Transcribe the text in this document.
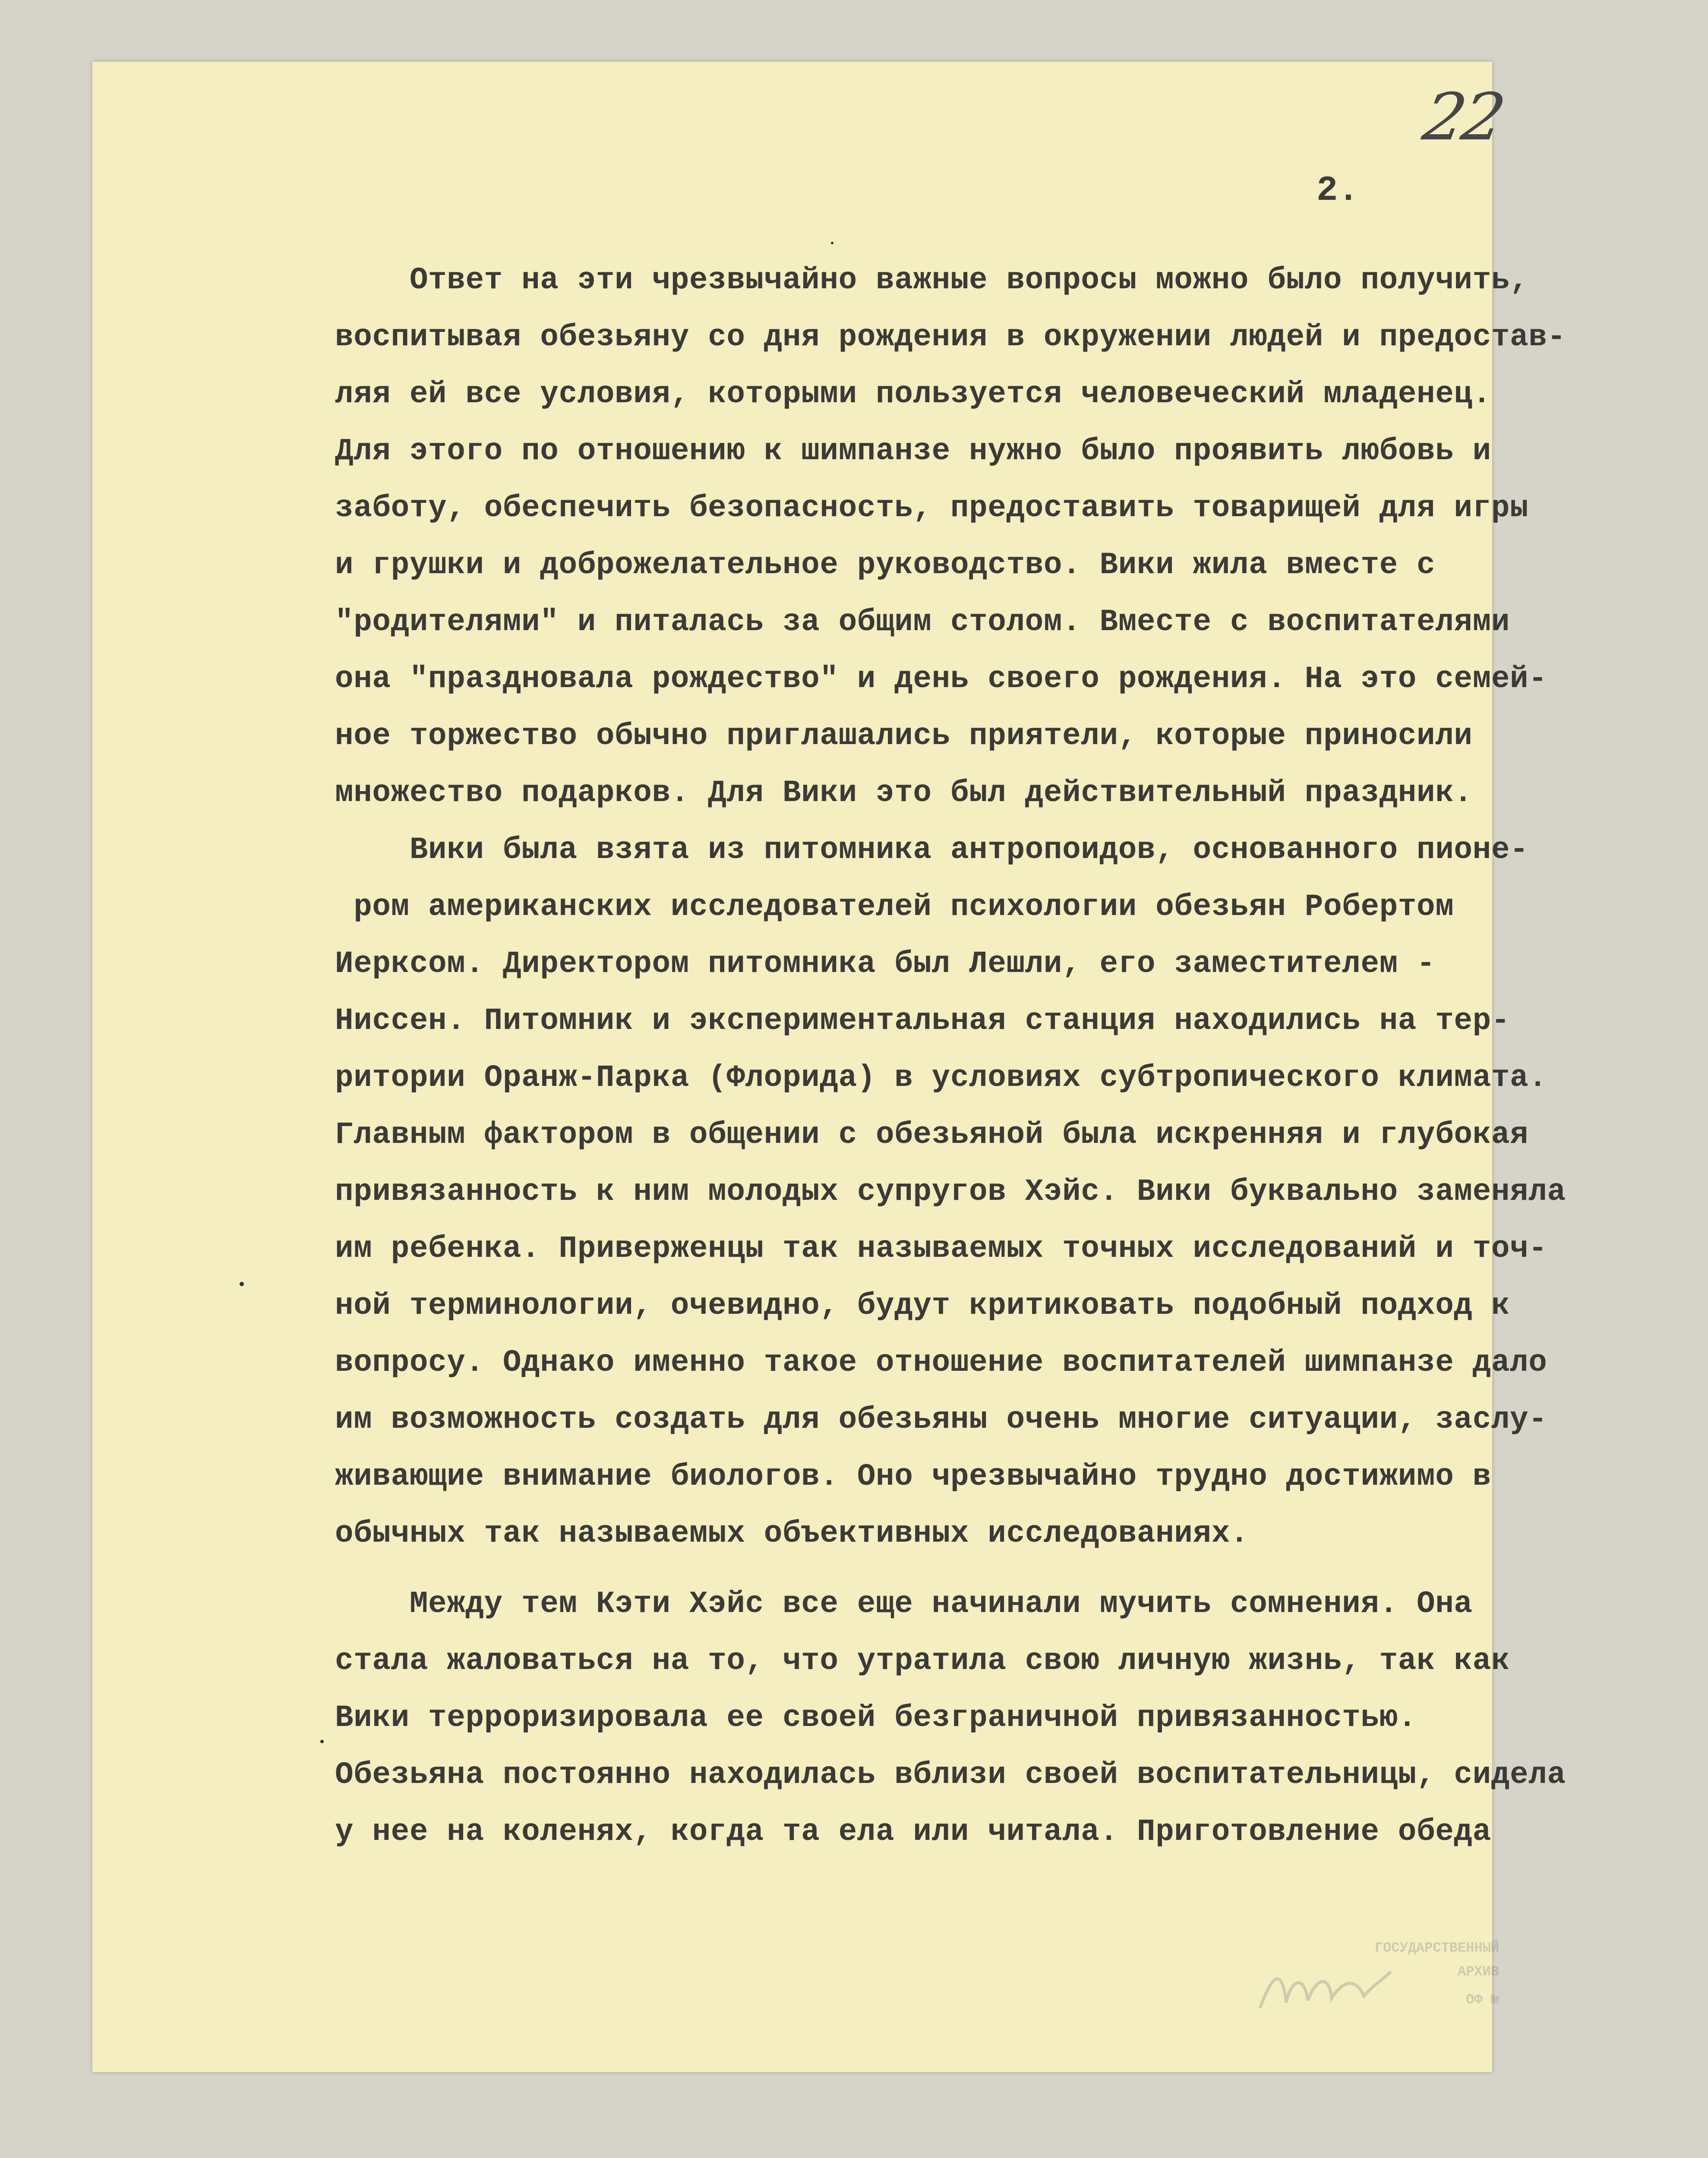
22
2.
Ответ на эти чрезвычайно важные вопросы можно было получить,
воспитывая обезьяну со дня рождения в окружении людей и предостав-
ляя ей все условия, которыми пользуется человеческий младенец.
Для этого по отношению к шимпанзе нужно было проявить любовь и
заботу, обеспечить безопасность, предоставить товарищей для игры
и грушки и доброжелательное руководство. Вики жила вместе с
"родителями" и питалась за общим столом. Вместе с воспитателями
она "праздновала рождество" и день своего рождения. На это семей-
ное торжество обычно приглашались приятели, которые приносили
множество подарков. Для Вики это был действительный праздник.
Вики была взята из питомника антропоидов, основанного пионе-
ром американских исследователей психологии обезьян Робертом
Иерксом. Директором питомника был Лешли, его заместителем -
Ниссен. Питомник и экспериментальная станция находились на тер-
ритории Оранж-Парка (Флорида) в условиях субтропического климата.
Главным фактором в общении с обезьяной была искренняя и глубокая
привязанность к ним молодых супругов Хэйс. Вики буквально заменяла
им ребенка. Приверженцы так называемых точных исследований и точ-
ной терминологии, очевидно, будут критиковать подобный подход к
вопросу. Однако именно такое отношение воспитателей шимпанзе дало
им возможность создать для обезьяны очень многие ситуации, заслу-
живающие внимание биологов. Оно чрезвычайно трудно достижимо в
обычных так называемых объективных исследованиях.
Между тем Кэти Хэйс все еще начинали мучить сомнения. Она
стала жаловаться на то, что утратила свою личную жизнь, так как
Вики терроризировала ее своей безграничной привязанностью.
Обезьяна постоянно находилась вблизи своей воспитательницы, сидела
у нее на коленях, когда та ела или читала. Приготовление обеда
ГОСУДАРСТВЕННЫЙ
АРХИВ
ОФ №
